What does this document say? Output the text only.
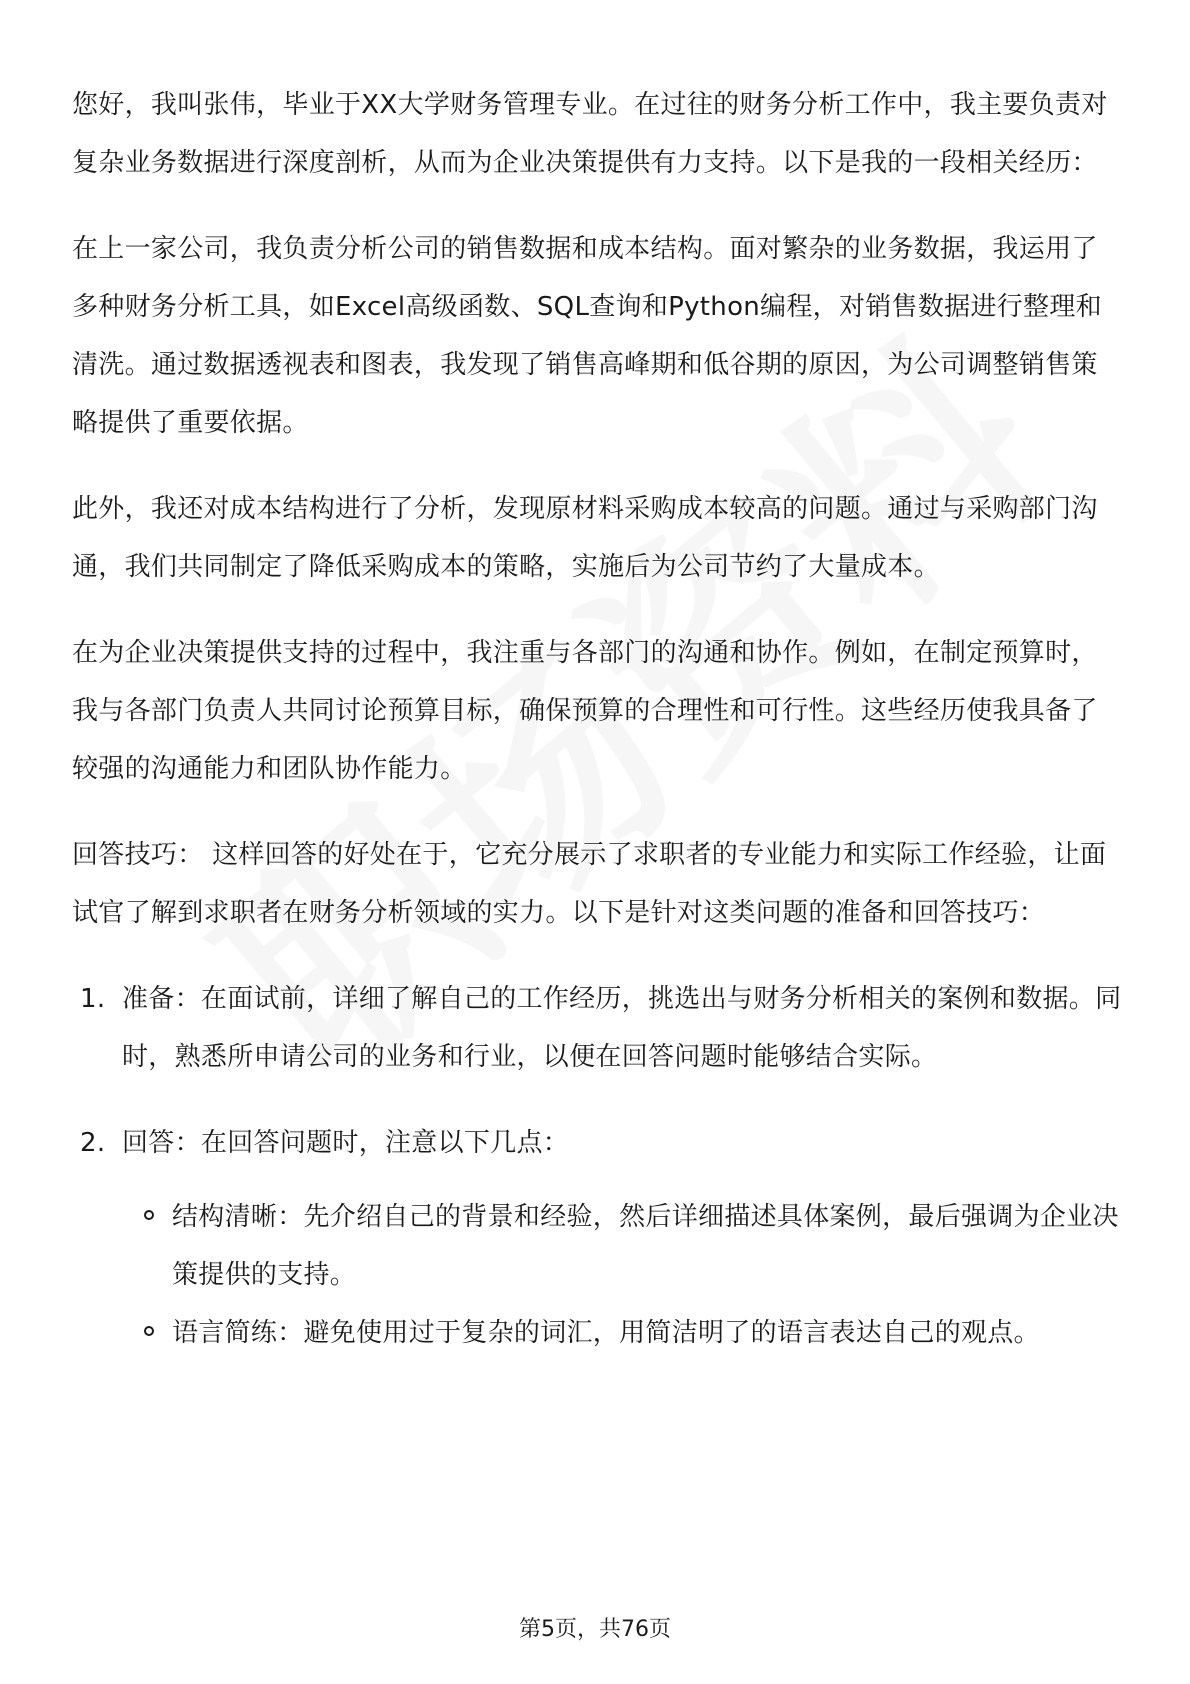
您好，我叫张伟，毕业于XX大学财务管理专业。在过往的财务分析工作中，我主要负责对复杂业务数据进行深度剖析，从而为企业决策提供有力支持。以下是我的一段相关经历：

在上一家公司，我负责分析公司的销售数据和成本结构。面对繁杂的业务数据，我运用了多种财务分析工具，如Excel高级函数、SQL查询和Python编程，对销售数据进行整理和清洗。通过数据透视表和图表，我发现了销售高峰期和低谷期的原因，为公司调整销售策略提供了重要依据。

此外，我还对成本结构进行了分析，发现原材料采购成本较高的问题。通过与采购部门沟通，我们共同制定了降低采购成本的策略，实施后为公司节约了大量成本。

在为企业决策提供支持的过程中，我注重与各部门的沟通和协作。例如，在制定预算时，我与各部门负责人共同讨论预算目标，确保预算的合理性和可行性。这些经历使我具备了较强的沟通能力和团队协作能力。

回答技巧： 这样回答的好处在于，它充分展示了求职者的专业能力和实际工作经验，让面试官了解到求职者在财务分析领域的实力。以下是针对这类问题的准备和回答技巧：

1. 准备：在面试前，详细了解自己的工作经历，挑选出与财务分析相关的案例和数据。同时，熟悉所申请公司的业务和行业，以便在回答问题时能够结合实际。
2. 回答：在回答问题时，注意以下几点：
结构清晰：先介绍自己的背景和经验，然后详细描述具体案例，最后强调为企业决策提供的支持。
语言简练：避免使用过于复杂的词汇，用简洁明了的语言表达自己的观点。
第5页，共76页
